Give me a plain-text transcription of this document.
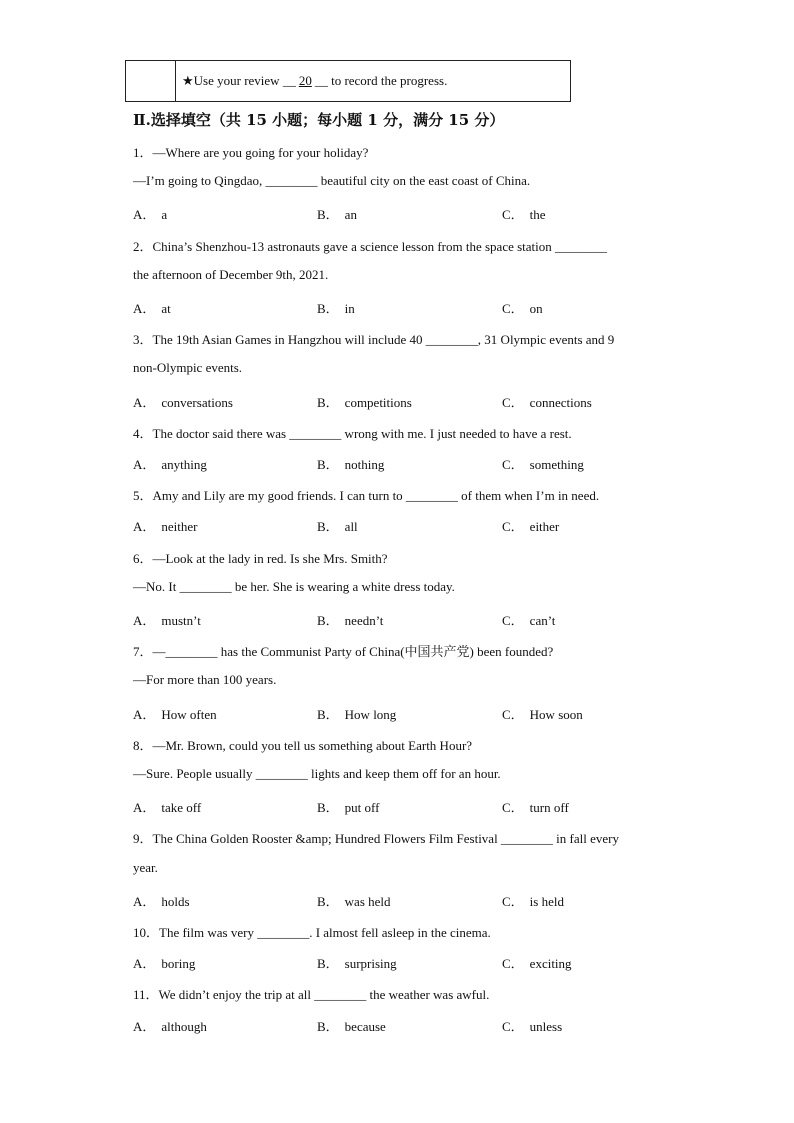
★Use your review __ 20 __ to record the progress.
Ⅱ.选择填空（共 15 小题；每小题 1 分，满分 15 分）
1．—Where are you going for your holiday?
—I’m going to Qingdao, ________ beautiful city on the east coast of China.
A． a	B． an	C． the
2．China’s Shenzhou-13 astronauts gave a science lesson from the space station ________
the afternoon of December 9th, 2021.
A． at	B． in	C． on
3．The 19th Asian Games in Hangzhou will include 40 ________, 31 Olympic events and 9
non-Olympic events.
A． conversations	B． competitions	C． connections
4．The doctor said there was ________ wrong with me. I just needed to have a rest.
A． anything	B． nothing	C． something
5．Amy and Lily are my good friends. I can turn to ________ of them when I’m in need.
A． neither	B． all	C． either
6．—Look at the lady in red. Is she Mrs. Smith?
—No. It ________ be her. She is wearing a white dress today.
A． mustn’t	B． needn’t	C． can’t
7．—________ has the Communist Party of China(中国共产党) been founded?
—For more than 100 years.
A． How often	B． How long	C． How soon
8．—Mr. Brown, could you tell us something about Earth Hour?
—Sure. People usually ________ lights and keep them off for an hour.
A． take off	B． put off	C． turn off
9．The China Golden Rooster &amp; Hundred Flowers Film Festival ________ in fall every
year.
A． holds	B． was held	C． is held
10．The film was very ________. I almost fell asleep in the cinema.
A． boring	B． surprising	C． exciting
11．We didn’t enjoy the trip at all ________ the weather was awful.
A． although	B． because	C． unless
